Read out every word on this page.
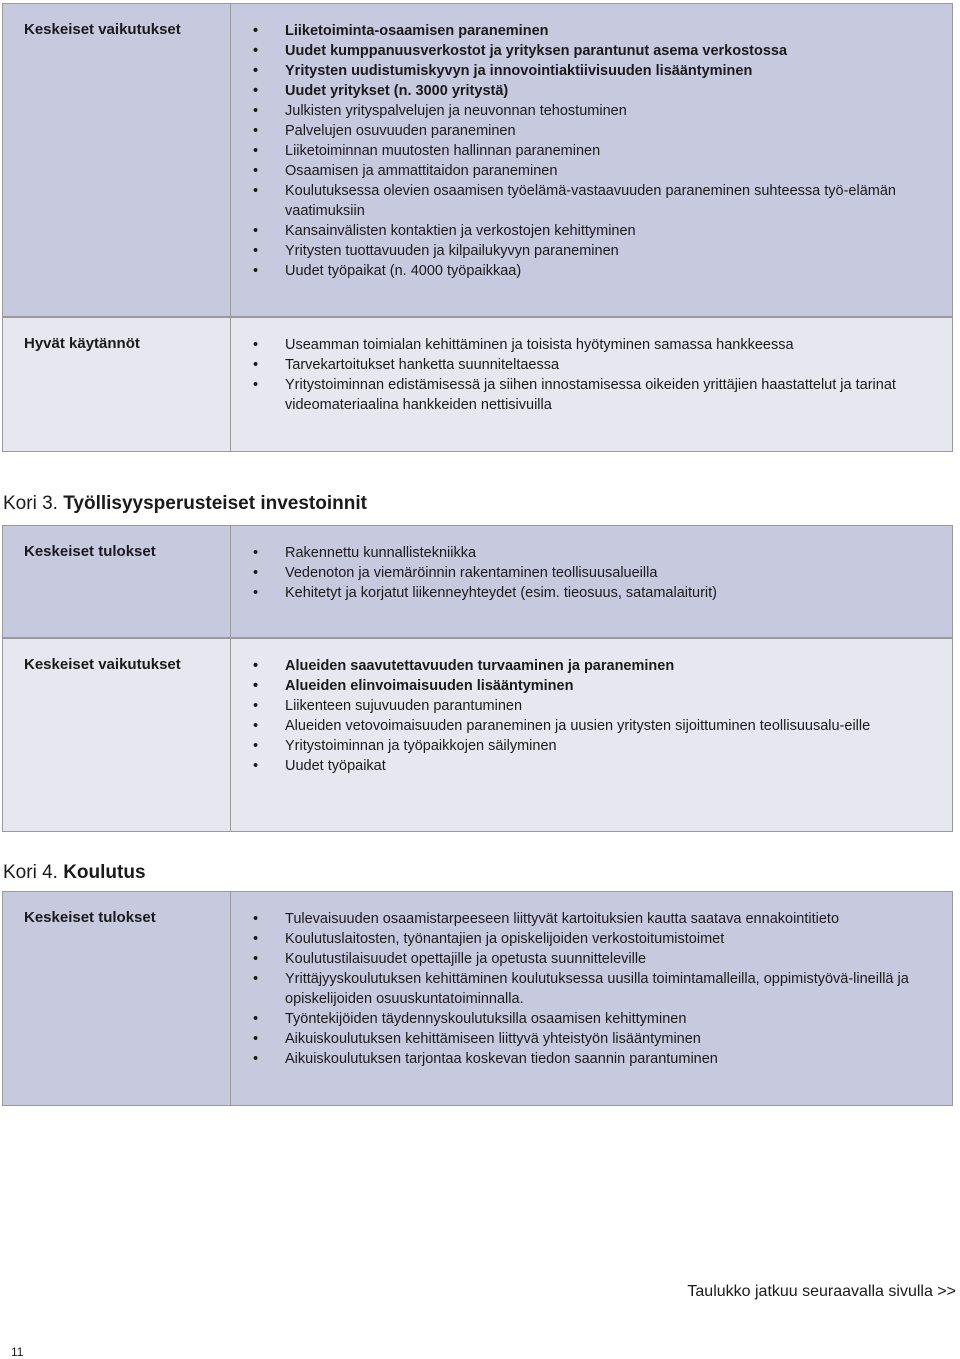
Keskeiset vaikutukset	• Liiketoiminta-osaamisen paraneminen
• Uudet kumppanuusverkostot ja yrityksen parantunut asema verkostossa
• Yritysten uudistumiskyvyn ja innovointiaktiivisuuden lisääntyminen
• Uudet yritykset (n. 3000 yritystä)
• Julkisten yrityspalvelujen ja neuvonnan tehostuminen
• Palvelujen osuvuuden paraneminen
• Liiketoiminnan muutosten hallinnan paraneminen
• Osaamisen ja ammattitaidon paraneminen
• Koulutuksessa olevien osaamisen työelämä-vastaavuuden paraneminen suhteessa työ-elämän vaatimuksiin
• Kansainvälisten kontaktien ja verkostojen kehittyminen
• Yritysten tuottavuuden ja kilpailukyvyn paraneminen
• Uudet työpaikat (n. 4000 työpaikkaa)
Hyvät käytännöt	• Useamman toimialan kehittäminen ja toisista hyötyminen samassa hankkeessa
• Tarvekartoitukset hanketta suunniteltaessa
• Yritystoiminnan edistämisessä ja siihen innostamisessa oikeiden yrittäjien haastattelut ja tarinat videomateriaalina hankkeiden nettisivuilla
Kori 3. Työllisyysperusteiset investoinnit
Keskeiset tulokset	• Rakennettu kunnallistekniikka
• Vedenoton ja viemäröinnin rakentaminen teollisuusalueilla
• Kehitetyt ja korjatut liikenneyhteydet (esim. tieosuus, satamalaiturit)
Keskeiset vaikutukset	• Alueiden saavutettavuuden turvaaminen ja paraneminen
• Alueiden elinvoimaisuuden lisääntyminen
• Liikenteen sujuvuuden parantuminen
• Alueiden vetovoimaisuuden paraneminen ja uusien yritysten sijoittuminen teollisuusalu-eille
• Yritystoiminnan ja työpaikkojen säilyminen
• Uudet työpaikat
Kori 4. Koulutus
Keskeiset tulokset	• Tulevaisuuden osaamistarpeeseen liittyvät kartoituksien kautta saatava ennakointitieto
• Koulutuslaitosten, työnantajien ja opiskelijoiden verkostoitumistoimet
• Koulutustilaisuudet opettajille ja opetusta suunnitteleville
• Yrittäjyyskoulutuksen kehittäminen koulutuksessa uusilla toimintamalleilla, oppimistyövä-lineillä ja opiskelijoiden osuuskuntatoiminnalla.
• Työntekijöiden täydennyskoulutuksilla osaamisen kehittyminen
• Aikuiskoulutuksen kehittämiseen liittyvä yhteistyön lisääntyminen
• Aikuiskoulutuksen tarjontaa koskevan tiedon saannin parantuminen
Taulukko jatkuu seuraavalla sivulla >>
11
